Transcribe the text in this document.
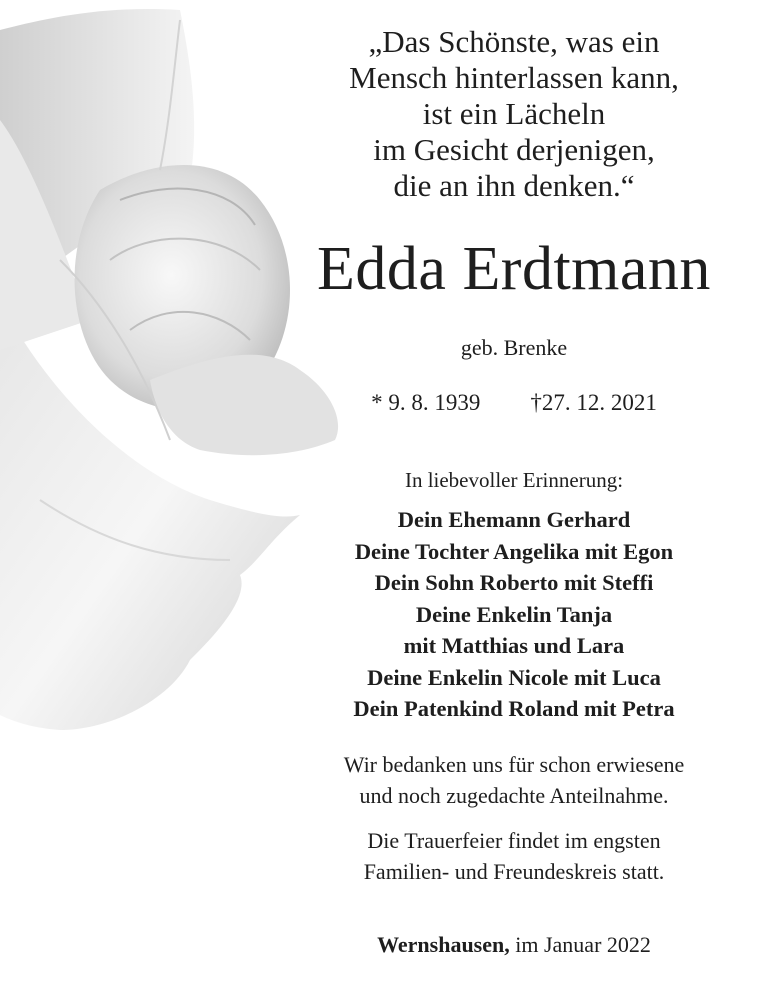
„Das Schönste, was ein
Mensch hinterlassen kann,
ist ein Lächeln
im Gesicht derjenigen,
die an ihn denken.“
Edda Erdtmann
geb. Brenke
* 9. 8. 1939 †27. 12. 2021
In liebevoller Erinnerung:
Dein Ehemann Gerhard
Deine Tochter Angelika mit Egon
Dein Sohn Roberto mit Steffi
Deine Enkelin Tanja
mit Matthias und Lara
Deine Enkelin Nicole mit Luca
Dein Patenkind Roland mit Petra
Wir bedanken uns für schon erwiesene
und noch zugedachte Anteilnahme.
Die Trauerfeier findet im engsten
Familien- und Freundeskreis statt.
Wernshausen, im Januar 2022
